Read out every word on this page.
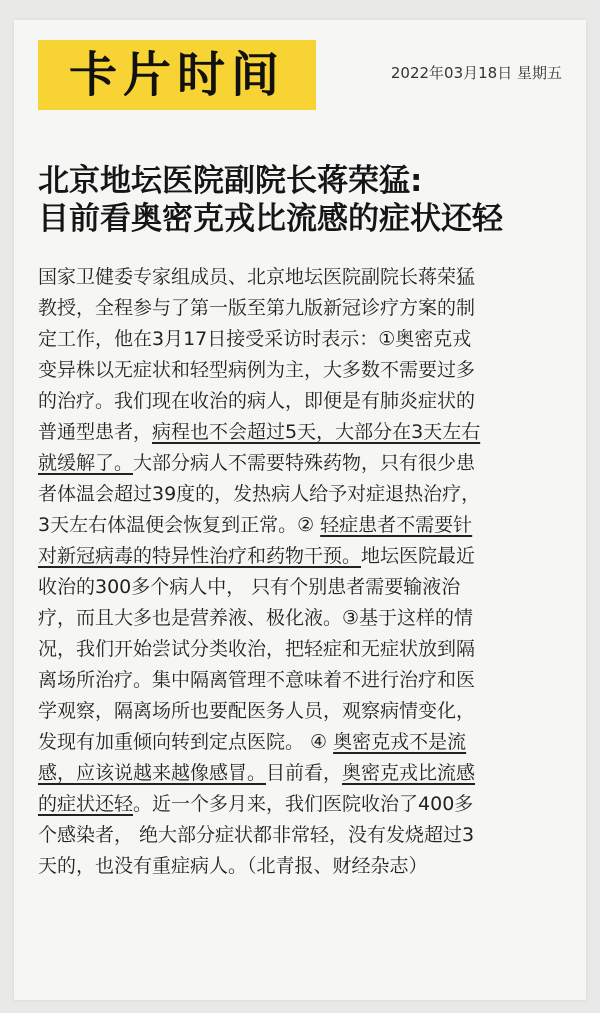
卡片时间	2022年03月18日 星期五
北京地坛医院副院长蒋荣猛:
目前看奥密克戎比流感的症状还轻
国家卫健委专家组成员、北京地坛医院副院长蒋荣猛
教授，全程参与了第一版至第九版新冠诊疗方案的制
定工作，他在3月17日接受采访时表示：①奥密克戎
变异株以无症状和轻型病例为主，大多数不需要过多
的治疗。我们现在收治的病人，即便是有肺炎症状的
普通型患者，病程也不会超过5天，大部分在3天左右
就缓解了。大部分病人不需要特殊药物，只有很少患
者体温会超过39度的，发热病人给予对症退热治疗，
3天左右体温便会恢复到正常。② 轻症患者不需要针
对新冠病毒的特异性治疗和药物干预。地坛医院最近
收治的300多个病人中， 只有个别患者需要输液治
疗，而且大多也是营养液、极化液。③基于这样的情
况，我们开始尝试分类收治，把轻症和无症状放到隔
离场所治疗。集中隔离管理不意味着不进行治疗和医
学观察，隔离场所也要配医务人员，观察病情变化，
发现有加重倾向转到定点医院。 ④ 奥密克戎不是流
感，应该说越来越像感冒。目前看，奥密克戎比流感
的症状还轻。近一个多月来，我们医院收治了400多
个感染者， 绝大部分症状都非常轻，没有发烧超过3
天的，也没有重症病人。（北青报、财经杂志）
